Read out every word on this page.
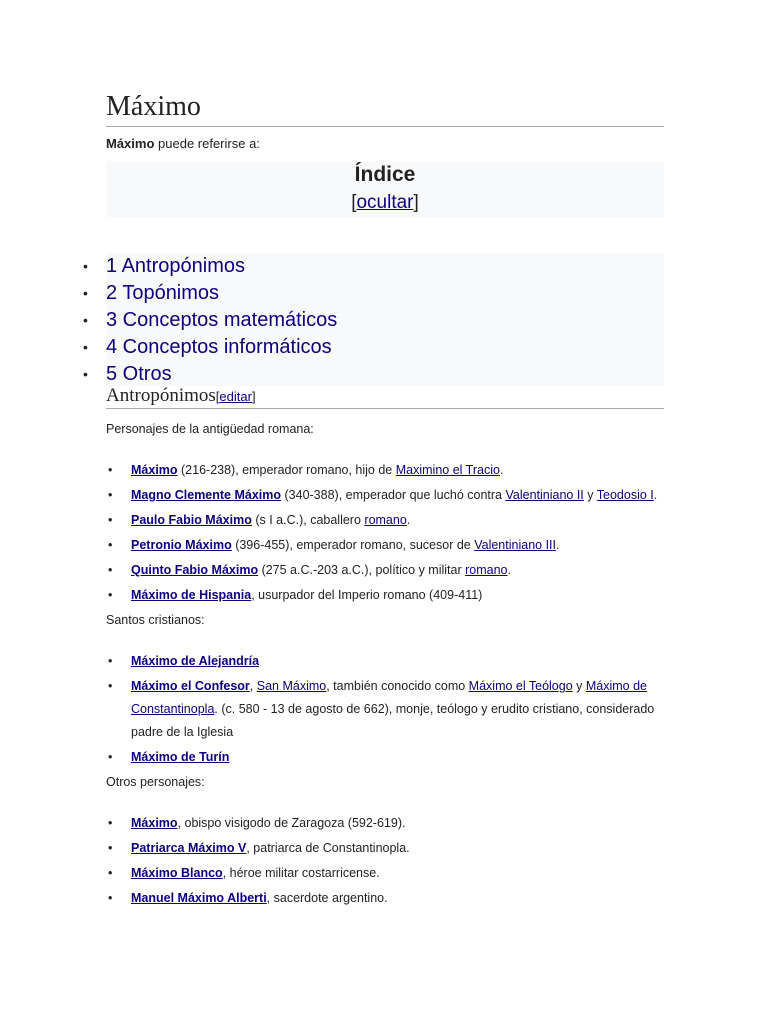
Máximo
Máximo puede referirse a:
Índice
[ocultar]
• 1 Antropónimos
• 2 Topónimos
• 3 Conceptos matemáticos
• 4 Conceptos informáticos
• 5 Otros
Antropónimos[editar]

Personajes de la antigüedad romana:

• Máximo (216-238), emperador romano, hijo de Maximino el Tracio.
• Magno Clemente Máximo (340-388), emperador que luchó contra Valentiniano II y Teodosio I.
• Paulo Fabio Máximo (s I a.C.), caballero romano.
• Petronio Máximo (396-455), emperador romano, sucesor de Valentiniano III.
• Quinto Fabio Máximo (275 a.C.-203 a.C.), político y militar romano.
• Máximo de Hispania, usurpador del Imperio romano (409-411)

Santos cristianos:

• Máximo de Alejandría
• Máximo el Confesor, San Máximo, también conocido como Máximo el Teólogo y Máximo de Constantinopla. (c. 580 - 13 de agosto de 662), monje, teólogo y erudito cristiano, considerado padre de la Iglesia
• Máximo de Turín

Otros personajes:

• Máximo, obispo visigodo de Zaragoza (592-619).
• Patriarca Máximo V, patriarca de Constantinopla.
• Máximo Blanco, héroe militar costarricense.
• Manuel Máximo Alberti, sacerdote argentino.
